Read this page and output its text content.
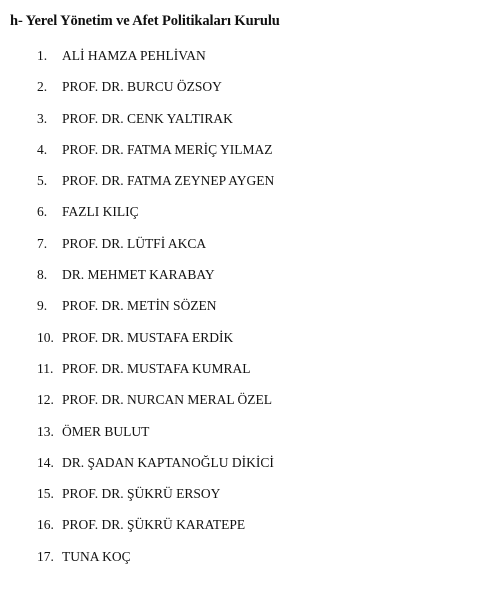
h- Yerel Yönetim ve Afet Politikaları Kurulu
1.	ALİ HAMZA PEHLİVAN
2.	PROF. DR. BURCU ÖZSOY
3.	PROF. DR. CENK YALTIRAK
4.	PROF. DR. FATMA MERİÇ YILMAZ
5.	PROF. DR. FATMA ZEYNEP AYGEN
6.	FAZLI KILIÇ
7.	PROF. DR. LÜTFİ AKCA
8.	DR. MEHMET KARABAY
9.	PROF. DR. METİN SÖZEN
10. PROF. DR. MUSTAFA ERDİK
11. PROF. DR. MUSTAFA KUMRAL
12. PROF. DR. NURCAN MERAL ÖZEL
13. ÖMER BULUT
14. DR. ŞADAN KAPTANOĞLU DİKİCİ
15. PROF. DR. ŞÜKRÜ ERSOY
16. PROF. DR. ŞÜKRÜ KARATEPE
17. TUNA KOÇ
